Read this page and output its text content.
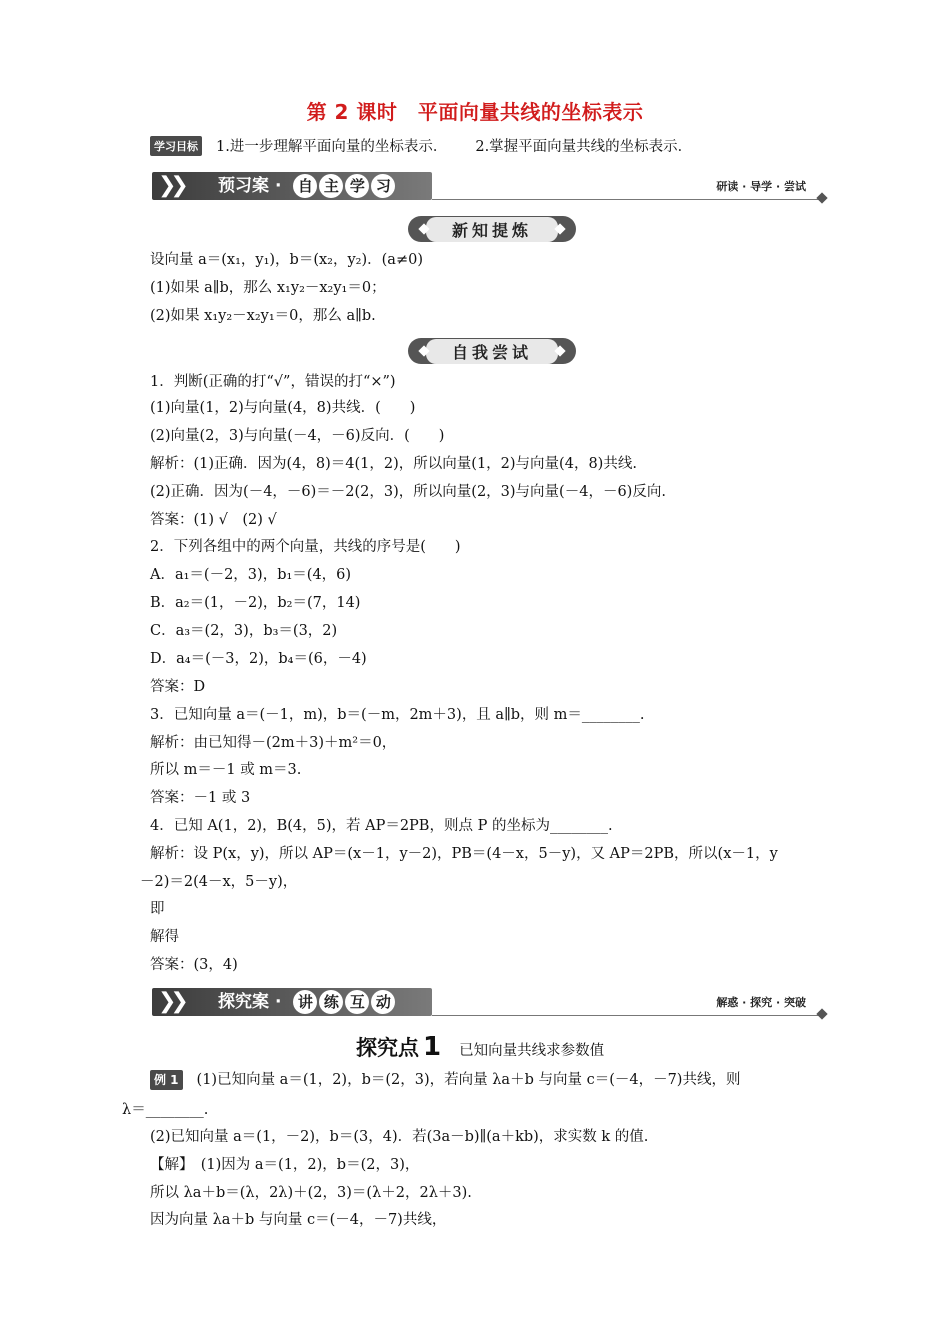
第 2 课时　平面向量共线的坐标表示
学习目标 1.进一步理解平面向量的坐标表示． 2.掌握平面向量共线的坐标表示．
❯❯ 预习案 · 自 主 学 习	研读 · 导学 · 尝试
新知提炼
设向量 a＝(x₁，y₁)，b＝(x₂，y₂)．(a≠0)
(1)如果 a∥b，那么 x₁y₂－x₂y₁＝0；
(2)如果 x₁y₂－x₂y₁＝0，那么 a∥b.
自我尝试
1．判断(正确的打“√”，错误的打“×”)
(1)向量(1，2)与向量(4，8)共线．(　　)
(2)向量(2，3)与向量(－4，－6)反向．(　　)
解析：(1)正确．因为(4，8)＝4(1，2)，所以向量(1，2)与向量(4，8)共线.
(2)正确．因为(－4，－6)＝－2(2，3)，所以向量(2，3)与向量(－4，－6)反向.
答案：(1) √　(2) √
2．下列各组中的两个向量，共线的序号是(　　)
A．a₁＝(－2，3)，b₁＝(4，6)
B．a₂＝(1，－2)，b₂＝(7，14)
C．a₃＝(2，3)，b₃＝(3，2)
D．a₄＝(－3，2)，b₄＝(6，－4)
答案：D
3．已知向量 a＝(－1，m)，b＝(－m，2m＋3)，且 a∥b，则 m＝________.
解析：由已知得－(2m＋3)＋m²＝0，
所以 m＝－1 或 m＝3.
答案：－1 或 3
4．已知 A(1，2)，B(4，5)，若 AP＝2PB，则点 P 的坐标为________.
解析：设 P(x，y)，所以 AP＝(x－1，y－2)，PB＝(4－x，5－y)，又 AP＝2PB，所以(x－1，y
－2)＝2(4－x，5－y)，
即
解得
答案：(3，4)
❯❯ 探究案 · 讲 练 互 动	解惑 · 探究 · 突破
探究点 1 已知向量共线求参数值
例 1 (1)已知向量 a＝(1，2)，b＝(2，3)，若向量 λa＋b 与向量 c＝(－4，－7)共线，则
λ＝________.
(2)已知向量 a＝(1，－2)，b＝(3，4)．若(3a－b)∥(a＋kb)，求实数 k 的值.
【解】　(1)因为 a＝(1，2)，b＝(2，3)，
所以 λa＋b＝(λ，2λ)＋(2，3)＝(λ＋2，2λ＋3).
因为向量 λa＋b 与向量 c＝(－4，－7)共线，
